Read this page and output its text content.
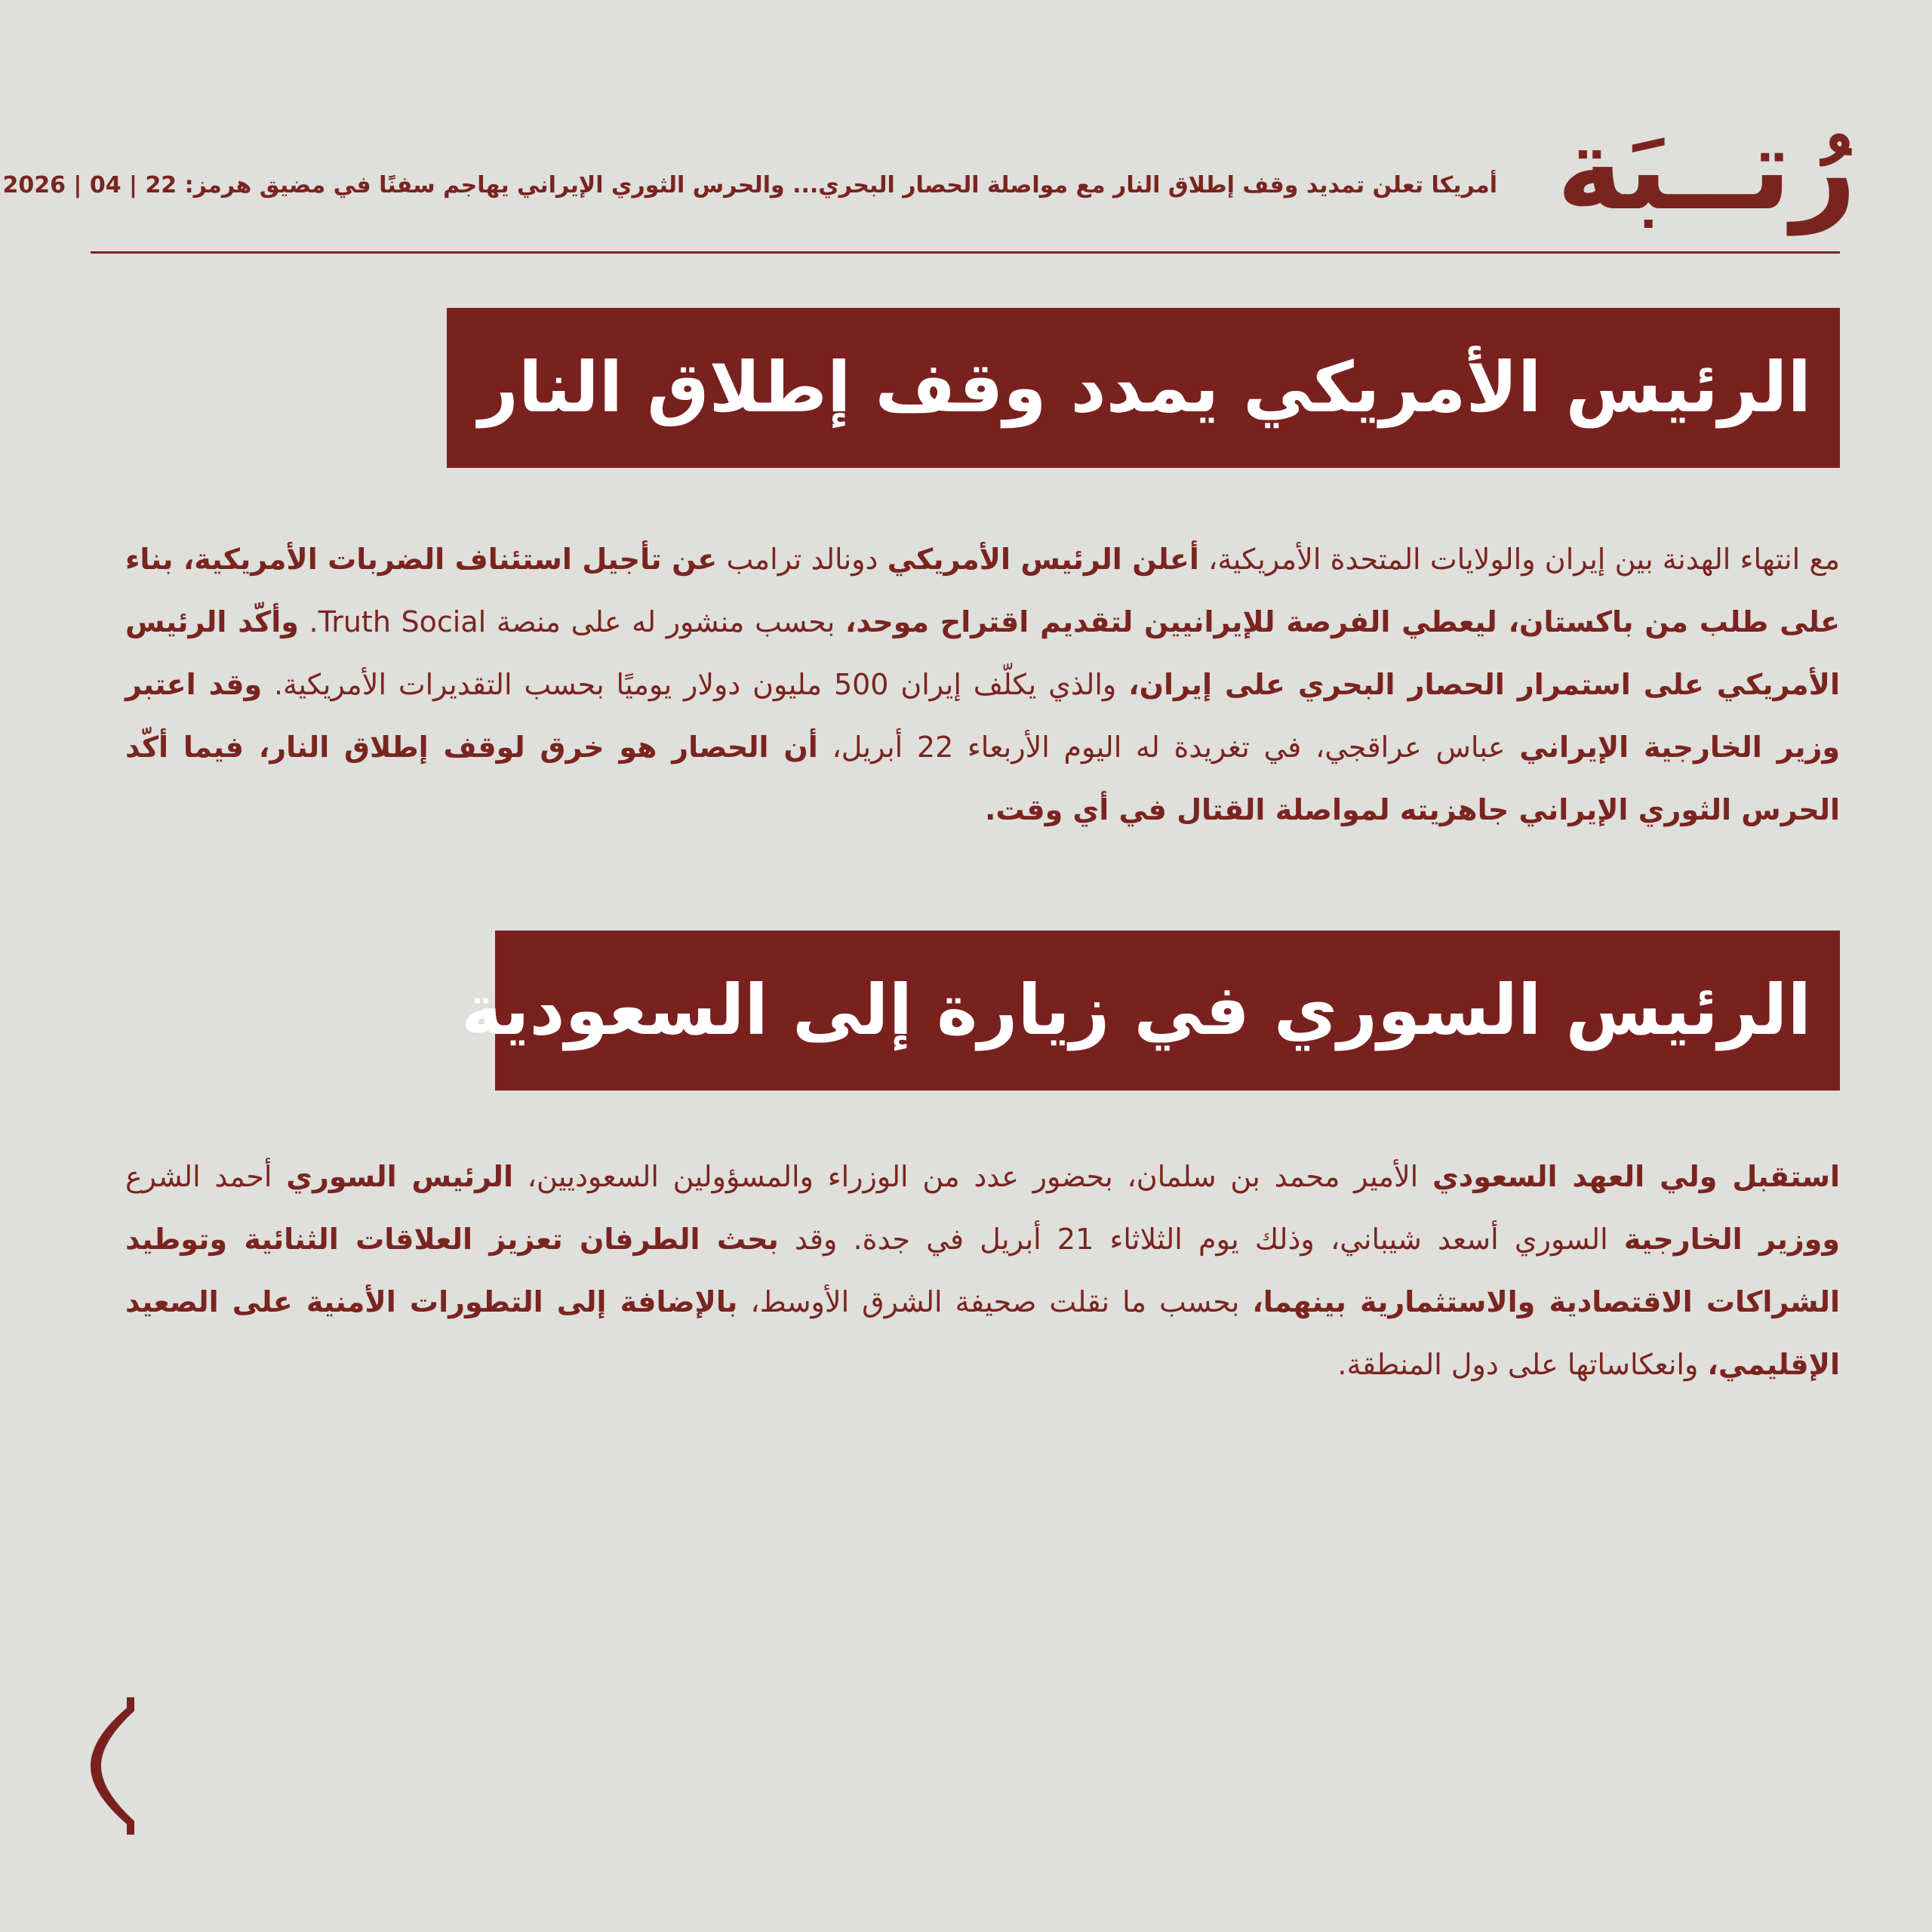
رُتــبَة
أمريكا تعلن تمديد وقف إطلاق النار مع مواصلة الحصار البحري... والحرس الثوري الإيراني يهاجم سفنًا في مضيق هرمز: 22 | 04 | 2026
الرئيس الأمريكي يمدد وقف إطلاق النار
مع انتهاء الهدنة بين إيران والولايات المتحدة الأمريكية، أعلن الرئيس الأمريكي دونالد ترامب عن تأجيل استئناف الضربات الأمريكية، بناء على طلب من باكستان، ليعطي الفرصة للإيرانيين لتقديم اقتراح موحد، بحسب منشور له على منصة Truth Social. وأكّد الرئيس الأمريكي على استمرار الحصار البحري على إيران، والذي يكلّف إيران 500 مليون دولار يوميًا بحسب التقديرات الأمريكية. وقد اعتبر وزير الخارجية الإيراني عباس عراقجي، في تغريدة له اليوم الأربعاء 22 أبريل، أن الحصار هو خرق لوقف إطلاق النار، فيما أكّد الحرس الثوري الإيراني جاهزيته لمواصلة القتال في أي وقت.
الرئيس السوري في زيارة إلى السعودية
استقبل ولي العهد السعودي الأمير محمد بن سلمان، بحضور عدد من الوزراء والمسؤولين السعوديين، الرئيس السوري أحمد الشرع ووزير الخارجية السوري أسعد شيباني، وذلك يوم الثلاثاء 21 أبريل في جدة. وقد بحث الطرفان تعزيز العلاقات الثنائية وتوطيد الشراكات الاقتصادية والاستثمارية بينهما، بحسب ما نقلت صحيفة الشرق الأوسط، بالإضافة إلى التطورات الأمنية على الصعيد الإقليمي، وانعكاساتها على دول المنطقة.
